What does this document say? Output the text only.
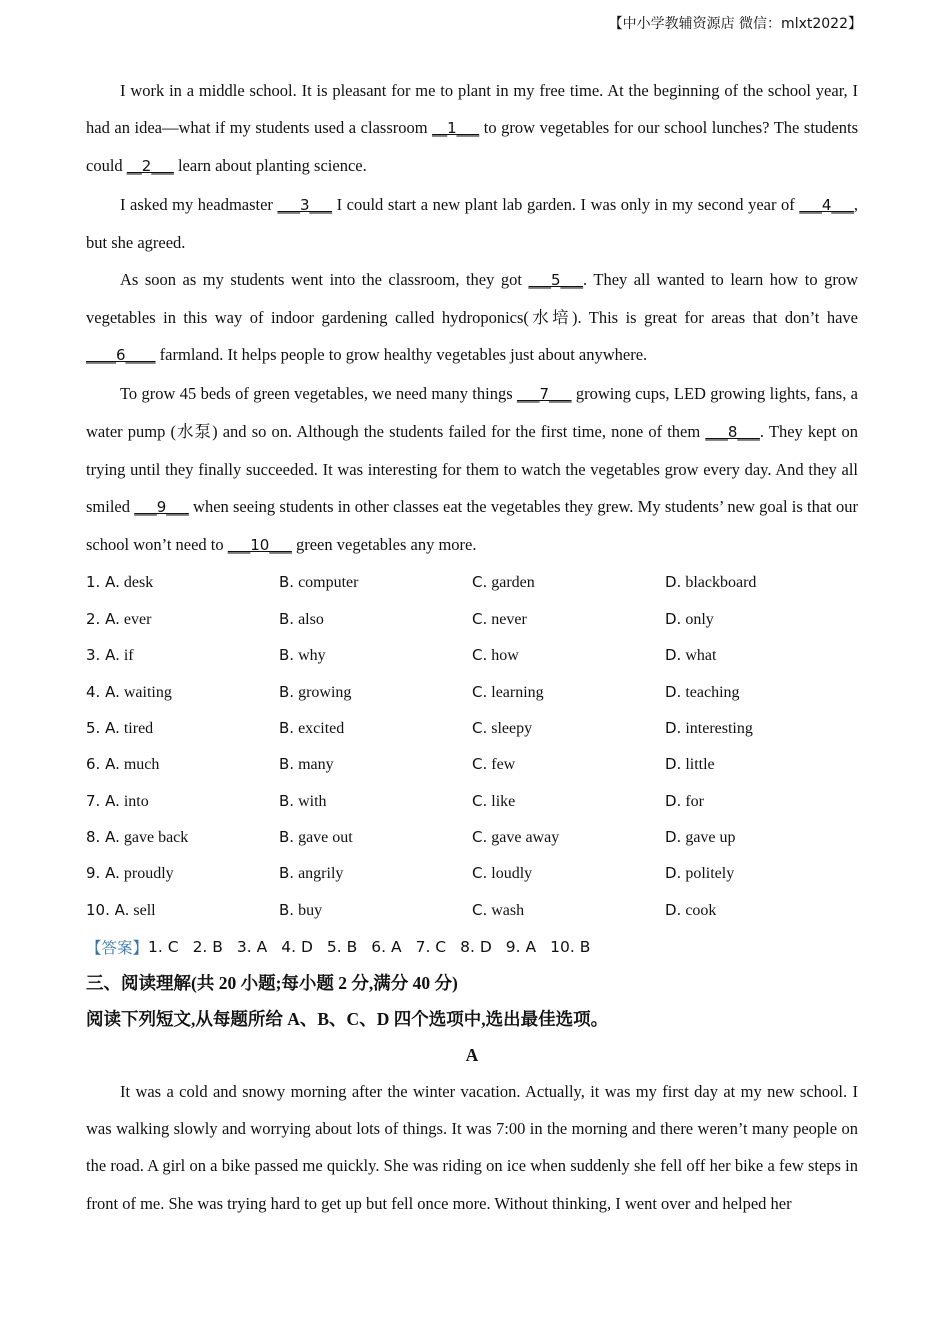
【中小学教辅资源店 微信：mlxt2022】

I work in a middle school. It is pleasant for me to plant in my free time. At the beginning of the school year, I had an idea—what if my students used a classroom __1___ to grow vegetables for our school lunches? The students could __2___ learn about planting science.

I asked my headmaster ___3___ I could start a new plant lab garden. I was only in my second year of ___4___, but she agreed.

As soon as my students went into the classroom, they got ___5___. They all wanted to learn how to grow vegetables in this way of indoor gardening called hydroponics(水培). This is great for areas that don’t have ____6____ farmland. It helps people to grow healthy vegetables just about anywhere.

To grow 45 beds of green vegetables, we need many things ___7___ growing cups, LED growing lights, fans, a water pump (水泵) and so on. Although the students failed for the first time, none of them ___8___. They kept on trying until they finally succeeded. It was interesting for them to watch the vegetables grow every day. And they all smiled ___9___ when seeing students in other classes eat the vegetables they grew. My students’ new goal is that our school won’t need to ___10___ green vegetables any more.

1. A. desk	B. computer	C. garden	D. blackboard
2. A. ever	B. also	C. never	D. only
3. A. if	B. why	C. how	D. what
4. A. waiting	B. growing	C. learning	D. teaching
5. A. tired	B. excited	C. sleepy	D. interesting
6. A. much	B. many	C. few	D. little
7. A. into	B. with	C. like	D. for
8. A. gave back	B. gave out	C. gave away	D. gave up
9. A. proudly	B. angrily	C. loudly	D. politely
10. A. sell	B. buy	C. wash	D. cook
【答案】 1. C 2. B 3. A 4. D 5. B 6. A 7. C 8. D 9. A 10. B
三、阅读理解(共 20 小题;每小题 2 分,满分 40 分)
阅读下列短文,从每题所给 A、B、C、D 四个选项中,选出最佳选项。
A

It was a cold and snowy morning after the winter vacation. Actually, it was my first day at my new school. I was walking slowly and worrying about lots of things. It was 7:00 in the morning and there weren’t many people on the road. A girl on a bike passed me quickly. She was riding on ice when suddenly she fell off her bike a few steps in front of me. She was trying hard to get up but fell once more. Without thinking, I went over and helped her
